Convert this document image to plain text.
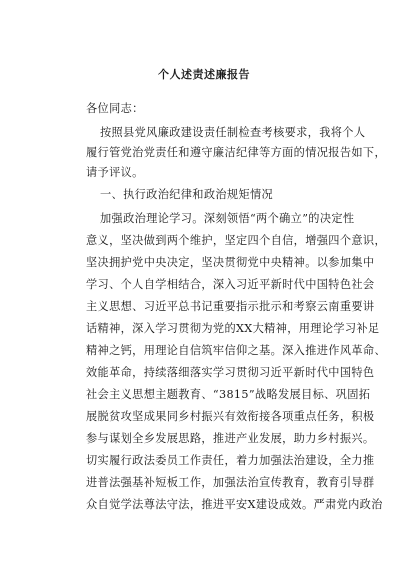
个人述责述廉报告
各位同志：
按照县党风廉政建设责任制检查考核要求，我将个人
履行管党治党责任和遵守廉洁纪律等方面的情况报告如下，
请予评议。
一、执行政治纪律和政治规矩情况
加强政治理论学习。深刻领悟“两个确立”的决定性
意义，坚决做到两个维护，坚定四个自信，增强四个意识，
坚决拥护党中央决定，坚决贯彻党中央精神。以参加集中
学习、个人自学相结合，深入习近平新时代中国特色社会
主义思想、习近平总书记重要指示批示和考察云南重要讲
话精神，深入学习贯彻为党的XX大精神，用理论学习补足
精神之钙，用理论自信筑牢信仰之基。深入推进作风革命、
效能革命，持续落细落实学习贯彻习近平新时代中国特色
社会主义思想主题教育、“3815”战略发展目标、巩固拓
展脱贫攻坚成果同乡村振兴有效衔接各项重点任务，积极
参与谋划全乡发展思路，推进产业发展，助力乡村振兴。
切实履行政法委员工作责任，着力加强法治建设，全力推
进普法强基补短板工作，加强法治宣传教育，教育引导群
众自觉学法尊法守法，推进平安X建设成效。严肃党内政治
